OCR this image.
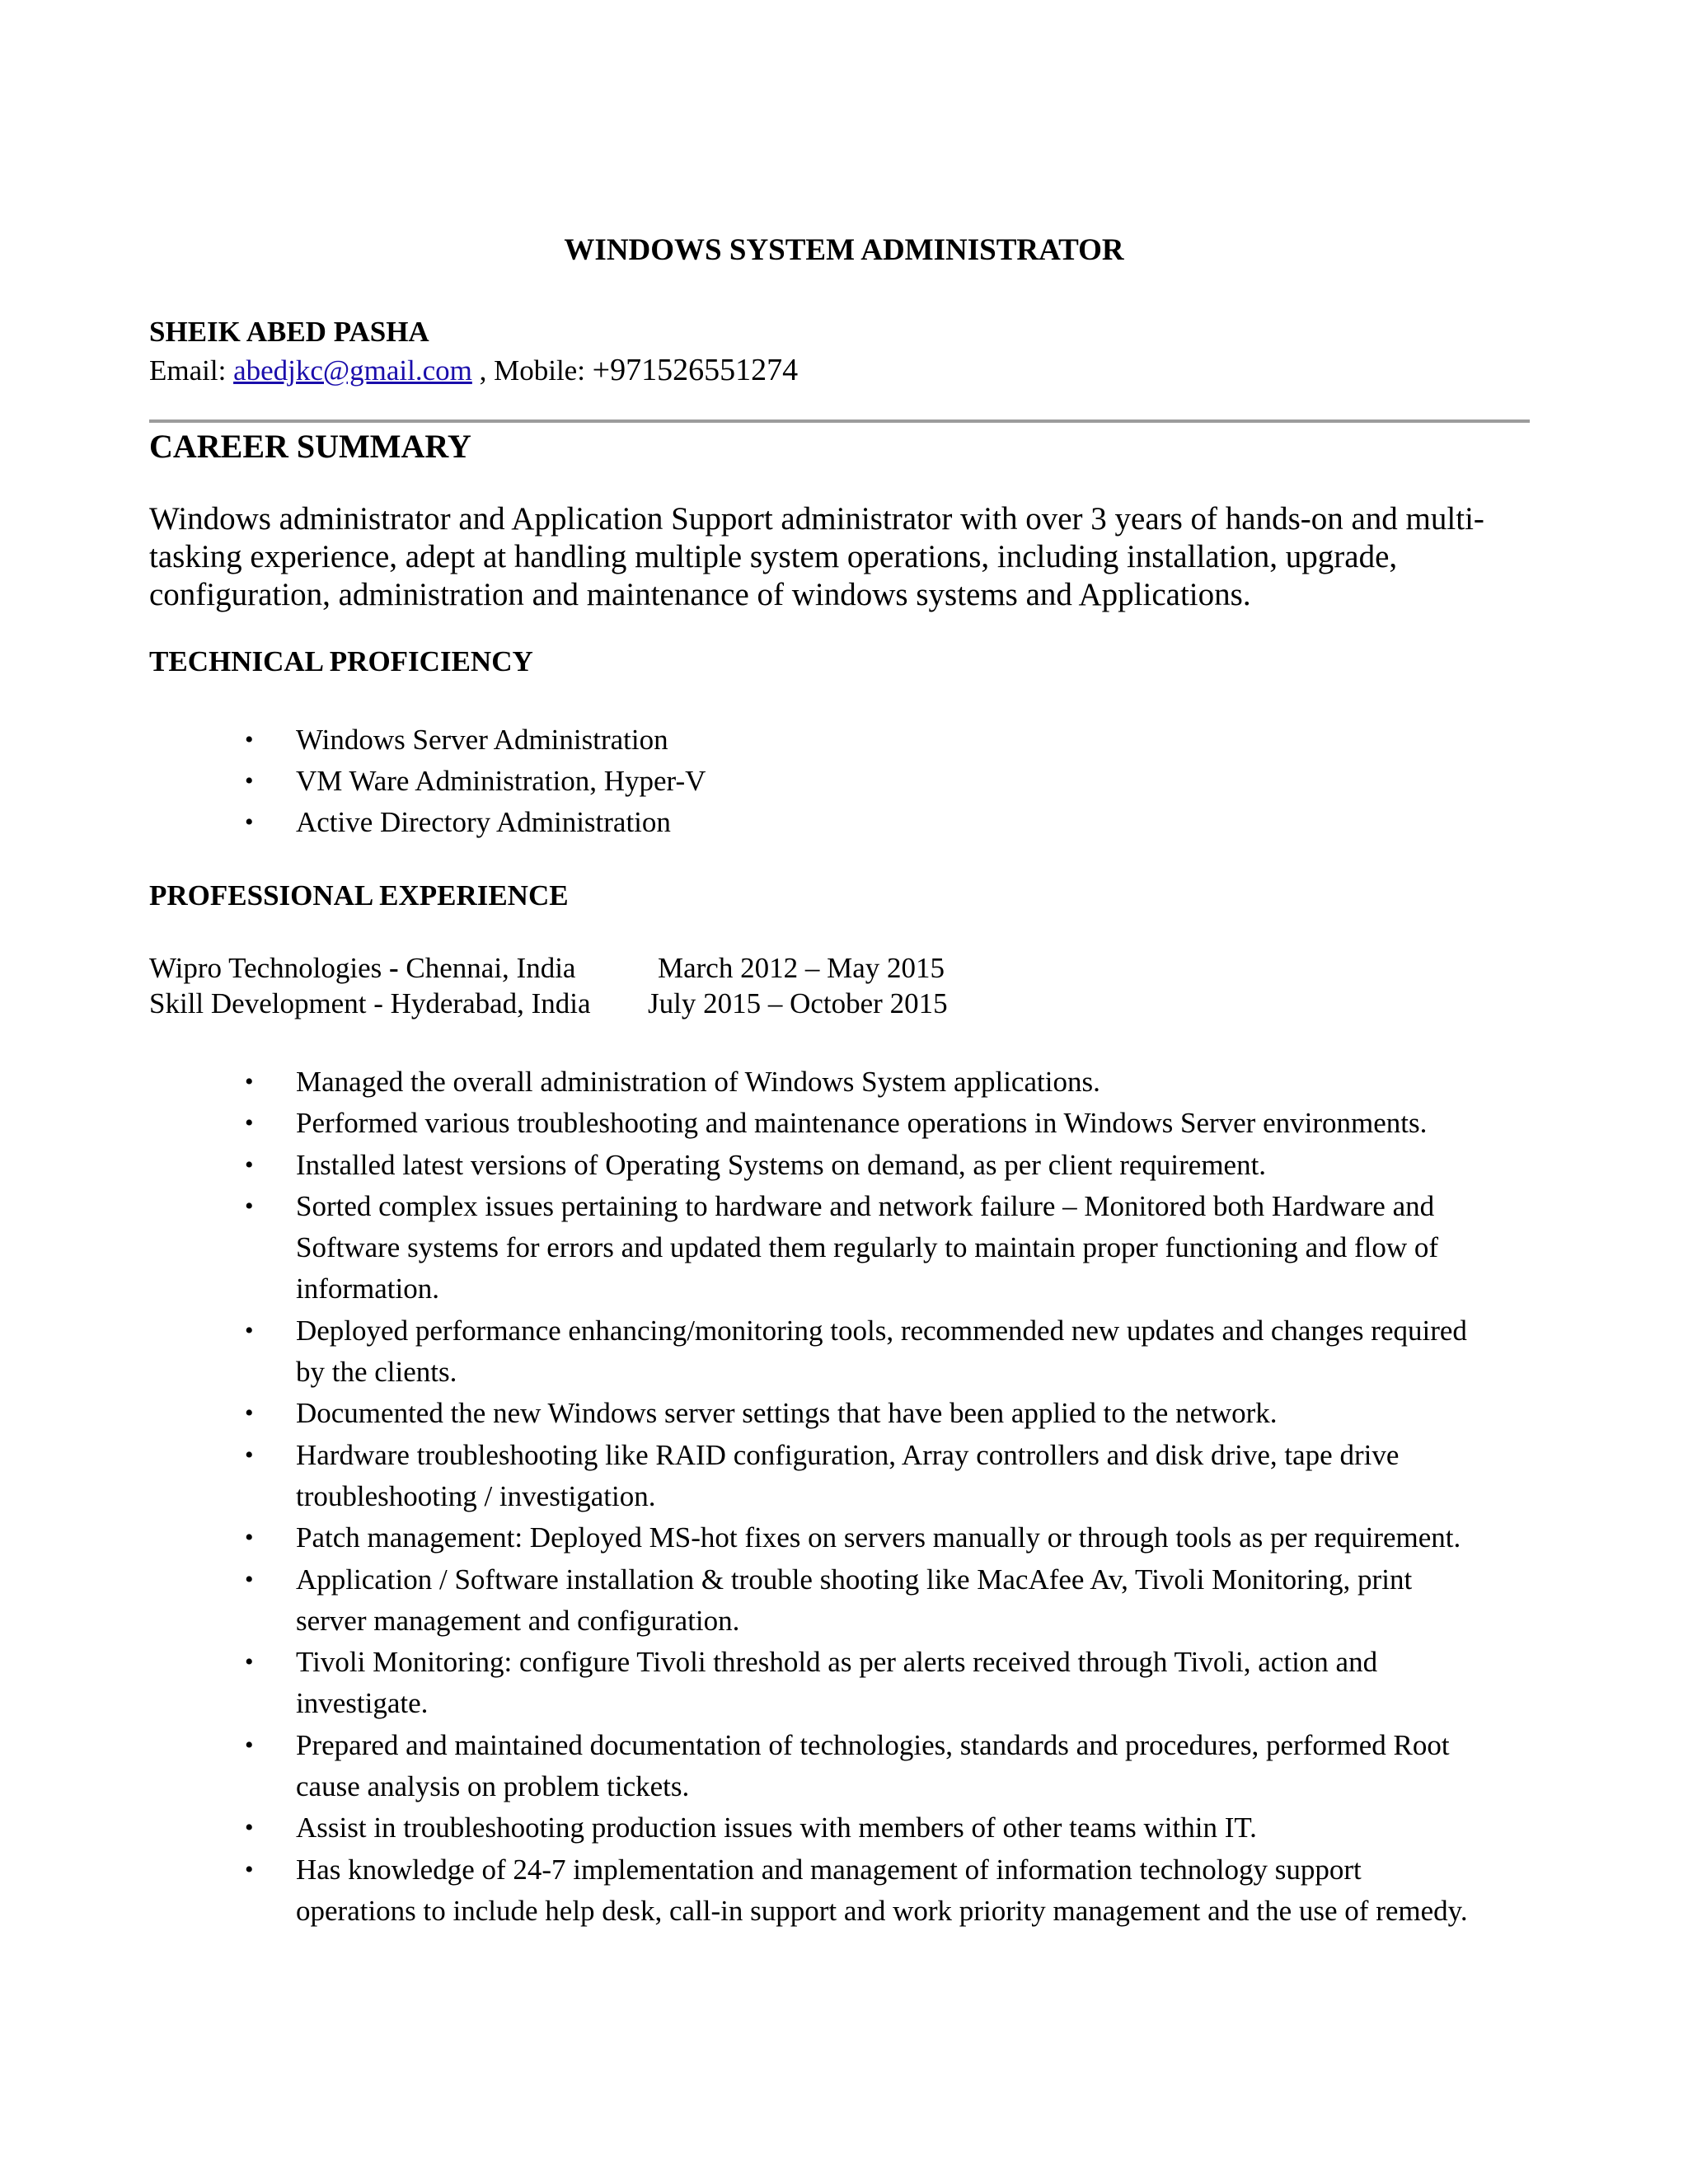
WINDOWS SYSTEM ADMINISTRATOR
SHEIK ABED PASHA
Email: abedjkc@gmail.com , Mobile: +971526551274
CAREER SUMMARY
Windows administrator and Application Support administrator with over 3 years of hands-on and multi-
tasking experience, adept at handling multiple system operations, including installation, upgrade,
configuration, administration and maintenance of windows systems and Applications.
TECHNICAL PROFICIENCY
• Windows Server Administration
• VM Ware Administration, Hyper-V
• Active Directory Administration
PROFESSIONAL EXPERIENCE
Wipro Technologies - Chennai, India	March 2012 – May 2015
Skill Development - Hyderabad, India July 2015 – October 2015
• Managed the overall administration of Windows System applications.
• Performed various troubleshooting and maintenance operations in Windows Server environments.
• Installed latest versions of Operating Systems on demand, as per client requirement.
• Sorted complex issues pertaining to hardware and network failure – Monitored both Hardware and
Software systems for errors and updated them regularly to maintain proper functioning and flow of
information.
• Deployed performance enhancing/monitoring tools, recommended new updates and changes required
by the clients.
• Documented the new Windows server settings that have been applied to the network.
• Hardware troubleshooting like RAID configuration, Array controllers and disk drive, tape drive
troubleshooting / investigation.
• Patch management: Deployed MS-hot fixes on servers manually or through tools as per requirement.
• Application / Software installation & trouble shooting like MacAfee Av, Tivoli Monitoring, print
server management and configuration.
• Tivoli Monitoring: configure Tivoli threshold as per alerts received through Tivoli, action and
investigate.
• Prepared and maintained documentation of technologies, standards and procedures, performed Root
cause analysis on problem tickets.
• Assist in troubleshooting production issues with members of other teams within IT.
• Has knowledge of 24-7 implementation and management of information technology support
operations to include help desk, call-in support and work priority management and the use of remedy.
